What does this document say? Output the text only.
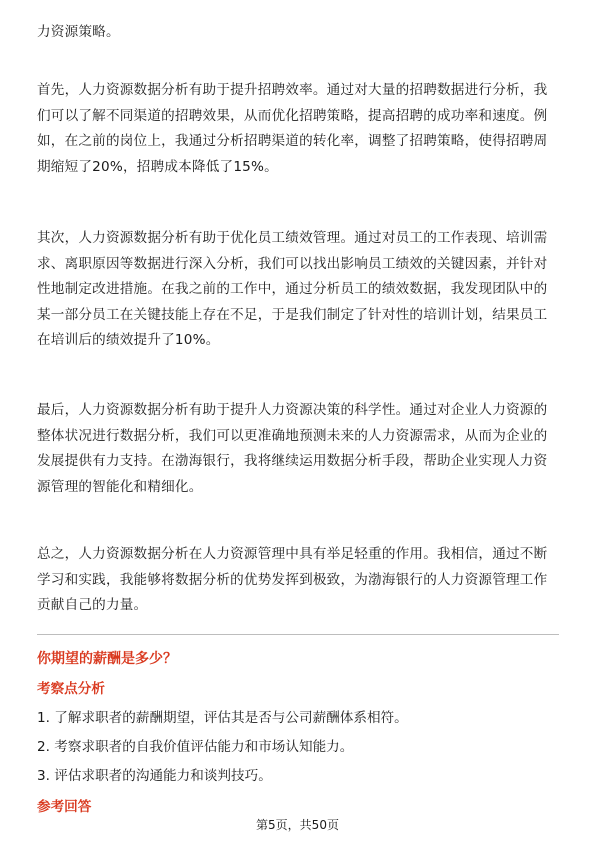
力资源策略。

首先，人力资源数据分析有助于提升招聘效率。通过对大量的招聘数据进行分析，我们可以了解不同渠道的招聘效果，从而优化招聘策略，提高招聘的成功率和速度。例如，在之前的岗位上，我通过分析招聘渠道的转化率，调整了招聘策略，使得招聘周期缩短了20%，招聘成本降低了15%。

其次，人力资源数据分析有助于优化员工绩效管理。通过对员工的工作表现、培训需求、离职原因等数据进行深入分析，我们可以找出影响员工绩效的关键因素，并针对性地制定改进措施。在我之前的工作中，通过分析员工的绩效数据，我发现团队中的某一部分员工在关键技能上存在不足，于是我们制定了针对性的培训计划，结果员工在培训后的绩效提升了10%。

最后，人力资源数据分析有助于提升人力资源决策的科学性。通过对企业人力资源的整体状况进行数据分析，我们可以更准确地预测未来的人力资源需求，从而为企业的发展提供有力支持。在渤海银行，我将继续运用数据分析手段，帮助企业实现人力资源管理的智能化和精细化。

总之，人力资源数据分析在人力资源管理中具有举足轻重的作用。我相信，通过不断学习和实践，我能够将数据分析的优势发挥到极致，为渤海银行的人力资源管理工作贡献自己的力量。

你期望的薪酬是多少？

考察点分析

1. 了解求职者的薪酬期望，评估其是否与公司薪酬体系相符。

2. 考察求职者的自我价值评估能力和市场认知能力。

3. 评估求职者的沟通能力和谈判技巧。

参考回答

第5页，共50页
